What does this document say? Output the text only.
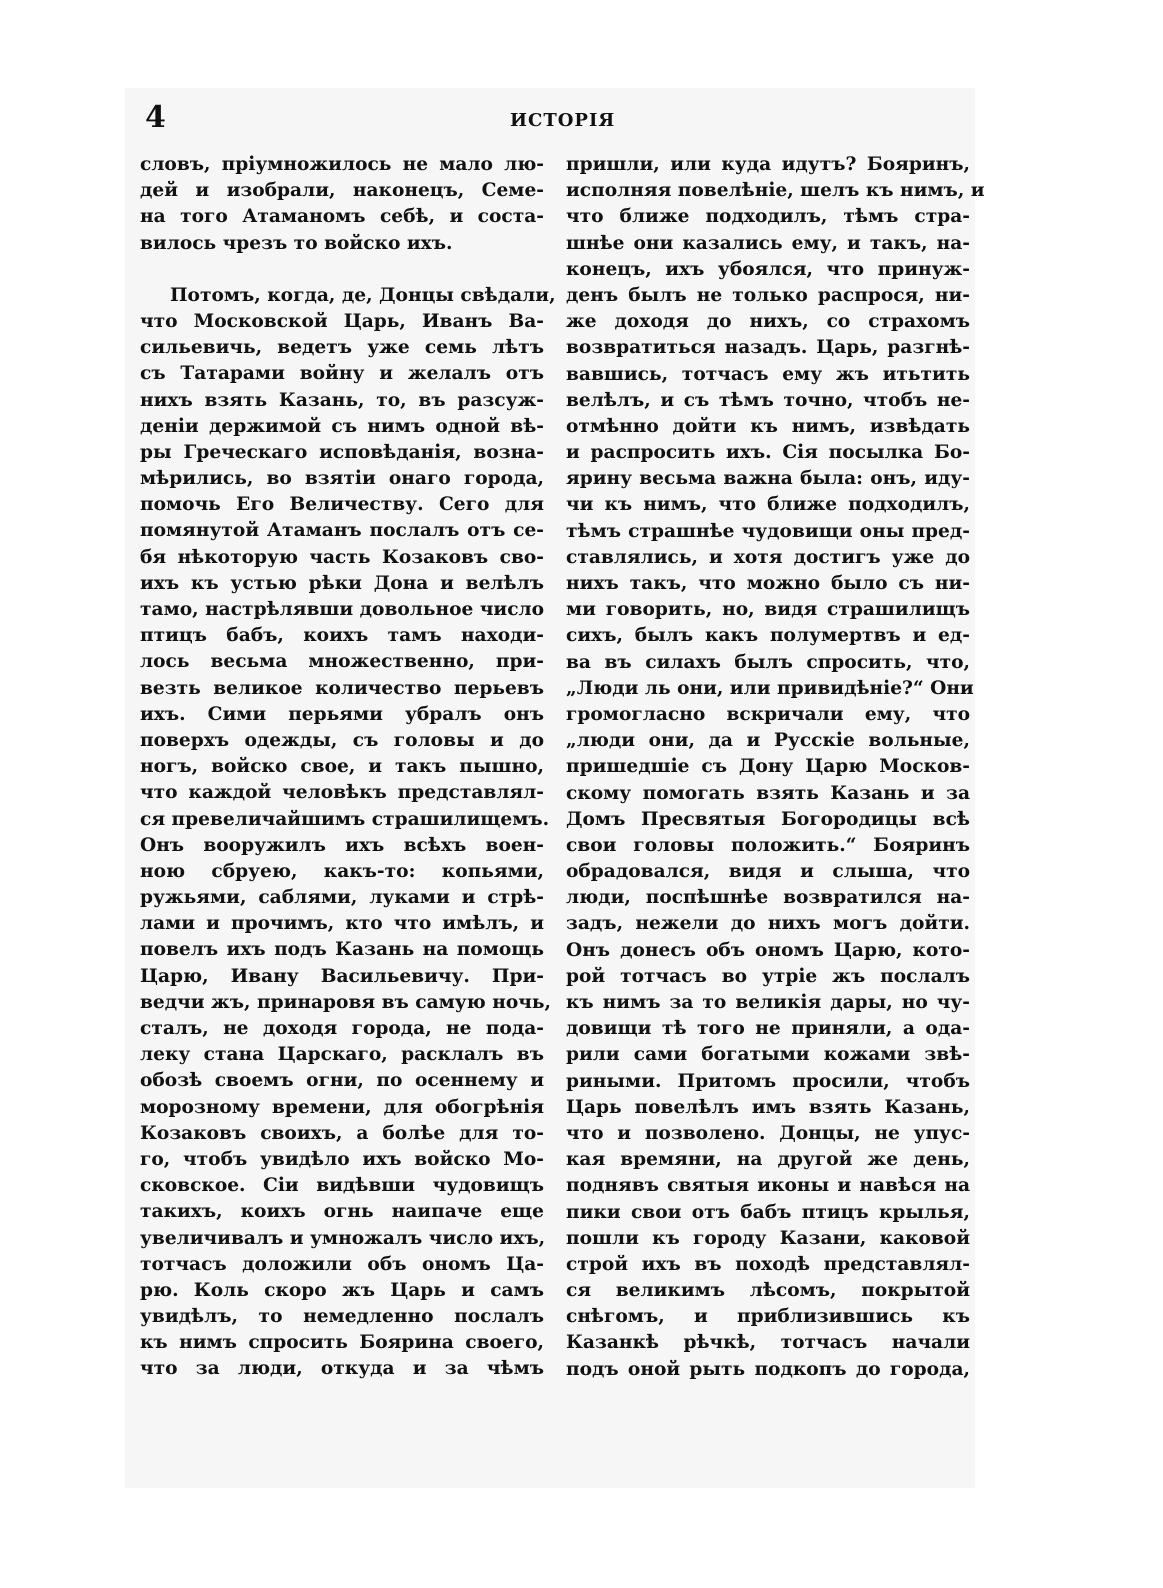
4	ИСТОРІЯ
словъ, пріумножилось не мало лю-
дей и изобрали, наконецъ, Семе-
на того Атаманомъ себѣ, и соста-
вилось чрезъ то войско ихъ.
Потомъ, когда, де, Донцы свѣдали,
что Московской Царь, Иванъ Ва-
сильевичь, ведетъ уже семь лѣтъ
съ Татарами войну и желалъ отъ
нихъ взять Казань, то, въ разсуж-
деніи держимой съ нимъ одной вѣ-
ры Греческаго исповѣданія, возна-
мѣрились, во взятіи онаго города,
помочь Его Величеству. Сего для
помянутой Атаманъ послалъ отъ се-
бя нѣкоторую часть Козаковъ сво-
ихъ къ устью рѣки Дона и велѣлъ
тамо, настрѣлявши довольное число
птицъ бабъ, коихъ тамъ находи-
лось весьма множественно, при-
везть великое количество перьевъ
ихъ. Сими перьями убралъ онъ
поверхъ одежды, съ головы и до
ногъ, войско свое, и такъ пышно,
что каждой человѣкъ представлял-
ся превеличайшимъ страшилищемъ.
Онъ вооружилъ ихъ всѣхъ воен-
ною сбруею, какъ-то: копьями,
ружьями, саблями, луками и стрѣ-
лами и прочимъ, кто что имѣлъ, и
повелъ ихъ подъ Казань на помощь
Царю, Ивану Васильевичу. При-
ведчи жъ, принаровя въ самую ночь,
сталъ, не доходя города, не пода-
леку стана Царскаго, расклалъ въ
обозѣ своемъ огни, по осеннему и
морозному времени, для обогрѣнія
Козаковъ своихъ, а болѣе для то-
го, чтобъ увидѣло ихъ войско Мо-
сковское. Сіи видѣвши чудовищъ
такихъ, коихъ огнь наипаче еще
увеличивалъ и умножалъ число ихъ,
тотчасъ доложили объ ономъ Ца-
рю. Коль скоро жъ Царь и самъ
увидѣлъ, то немедленно послалъ
къ нимъ спросить Боярина своего,
что за люди, откуда и за чѣмъ
пришли, или куда идутъ? Бояринъ,
исполняя повелѣніе, шелъ къ нимъ, и
что ближе подходилъ, тѣмъ стра-
шнѣе они казались ему, и такъ, на-
конецъ, ихъ убоялся, что принуж-
денъ былъ не только распрося, ни-
же доходя до нихъ, со страхомъ
возвратиться назадъ. Царь, разгнѣ-
вавшись, тотчасъ ему жъ итьтить
велѣлъ, и съ тѣмъ точно, чтобъ не-
отмѣнно дойти къ нимъ, извѣдать
и распросить ихъ. Сія посылка Бо-
ярину весьма важна была: онъ, иду-
чи къ нимъ, что ближе подходилъ,
тѣмъ страшнѣе чудовищи оны пред-
ставлялись, и хотя достигъ уже до
нихъ такъ, что можно было съ ни-
ми говорить, но, видя страшилищъ
сихъ, былъ какъ полумертвъ и ед-
ва въ силахъ былъ спросить, что,
„Люди ль они, или привидѣніе?“ Они
громогласно вскричали ему, что
„люди они, да и Русскіе вольные,
пришедшіе съ Дону Царю Москов-
скому помогать взять Казань и за
Домъ Пресвятыя Богородицы всѣ
свои головы положить.“ Бояринъ
обрадовался, видя и слыша, что
люди, поспѣшнѣе возвратился на-
задъ, нежели до нихъ могъ дойти.
Онъ донесъ объ ономъ Царю, кото-
рой тотчасъ во утріе жъ послалъ
къ нимъ за то великія дары, но чу-
довищи тѣ того не приняли, а ода-
рили сами богатыми кожами звѣ-
риными. Притомъ просили, чтобъ
Царь повелѣлъ имъ взять Казань,
что и позволено. Донцы, не упус-
кая времяни, на другой же день,
поднявъ святыя иконы и навѣся на
пики свои отъ бабъ птицъ крылья,
пошли къ городу Казани, каковой
строй ихъ въ походѣ представлял-
ся великимъ лѣсомъ, покрытой
снѣгомъ, и приблизившись къ
Казанкѣ рѣчкѣ, тотчасъ начали
подъ оной рыть подкопъ до города,
